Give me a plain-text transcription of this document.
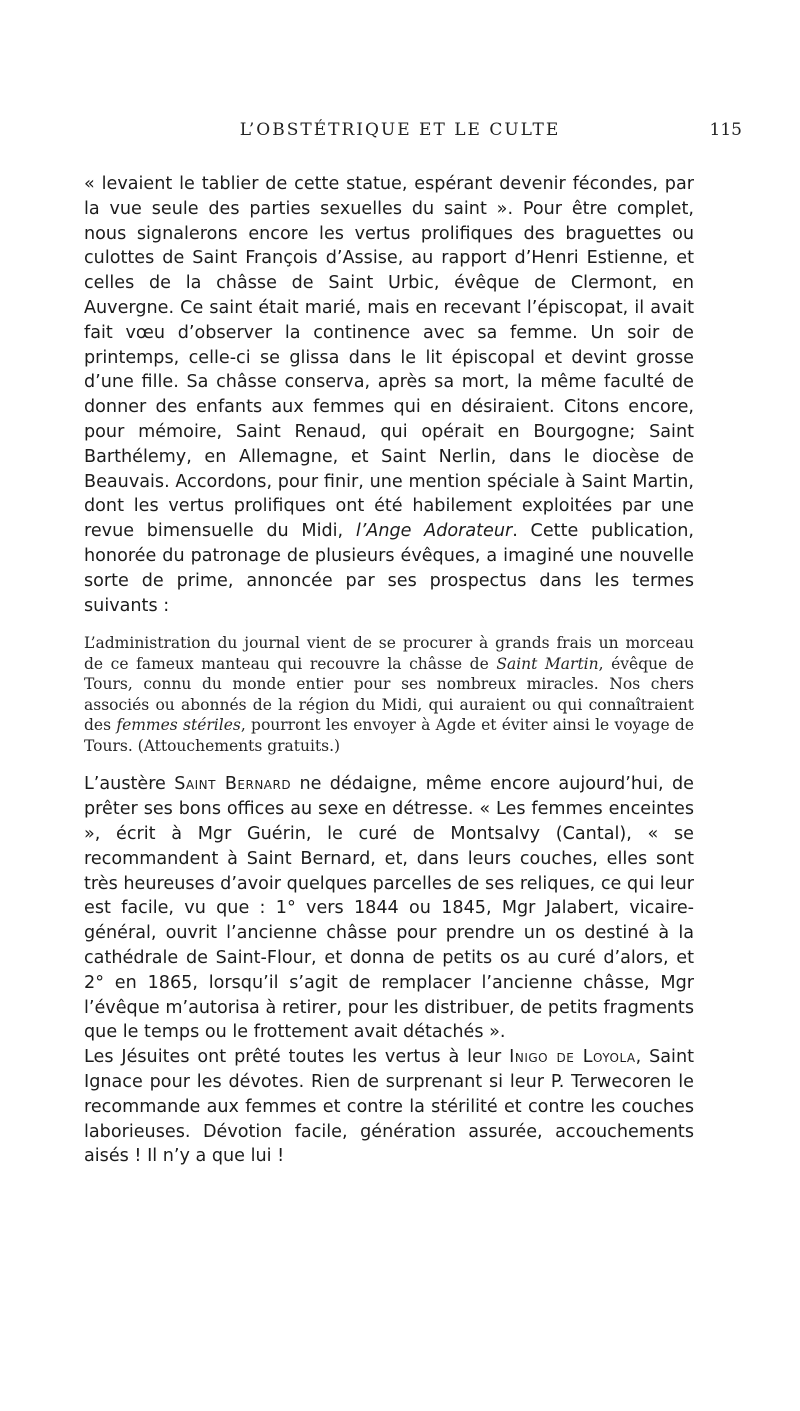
L’OBSTÉTRIQUE ET LE CULTE	115

« levaient le tablier de cette statue, espérant devenir fécondes, par la vue seule des parties sexuelles du saint ». Pour être complet, nous signalerons encore les vertus prolifiques des braguettes ou culottes de Saint François d’Assise, au rapport d’Henri Estienne, et celles de la châsse de Saint Urbic, évêque de Clermont, en Auvergne. Ce saint était marié, mais en recevant l’épiscopat, il avait fait vœu d’observer la continence avec sa femme. Un soir de printemps, celle-ci se glissa dans le lit épiscopal et devint grosse d’une fille. Sa châsse conserva, après sa mort, la même faculté de donner des enfants aux femmes qui en désiraient. Citons encore, pour mémoire, Saint Renaud, qui opérait en Bourgogne; Saint Barthélemy, en Allemagne, et Saint Nerlin, dans le diocèse de Beauvais. Accordons, pour finir, une mention spéciale à Saint Martin, dont les vertus prolifiques ont été habilement exploitées par une revue bimensuelle du Midi, l’Ange Adorateur. Cette publication, honorée du patronage de plusieurs évêques, a imaginé une nouvelle sorte de prime, annoncée par ses prospectus dans les termes suivants :

L’administration du journal vient de se procurer à grands frais un morceau de ce fameux manteau qui recouvre la châsse de Saint Martin, évêque de Tours, connu du monde entier pour ses nombreux miracles. Nos chers associés ou abonnés de la région du Midi, qui auraient ou qui connaîtraient des femmes stériles, pourront les envoyer à Agde et éviter ainsi le voyage de Tours. (Attouchements gratuits.)

L’austère Saint Bernard ne dédaigne, même encore aujourd’hui, de prêter ses bons offices au sexe en détresse. « Les femmes enceintes », écrit à Mgr Guérin, le curé de Montsalvy (Cantal), « se recommandent à Saint Bernard, et, dans leurs couches, elles sont très heureuses d’avoir quelques parcelles de ses reliques, ce qui leur est facile, vu que : 1° vers 1844 ou 1845, Mgr Jalabert, vicaire-général, ouvrit l’ancienne châsse pour prendre un os destiné à la cathédrale de Saint-Flour, et donna de petits os au curé d’alors, et 2° en 1865, lorsqu’il s’agit de remplacer l’ancienne châsse, Mgr l’évêque m’autorisa à retirer, pour les distribuer, de petits fragments que le temps ou le frottement avait détachés ».

Les Jésuites ont prêté toutes les vertus à leur Inigo de Loyola, Saint Ignace pour les dévotes. Rien de surprenant si leur P. Terwecoren le recommande aux femmes et contre la stérilité et contre les couches laborieuses. Dévotion facile, génération assurée, accouchements aisés ! Il n’y a que lui !
